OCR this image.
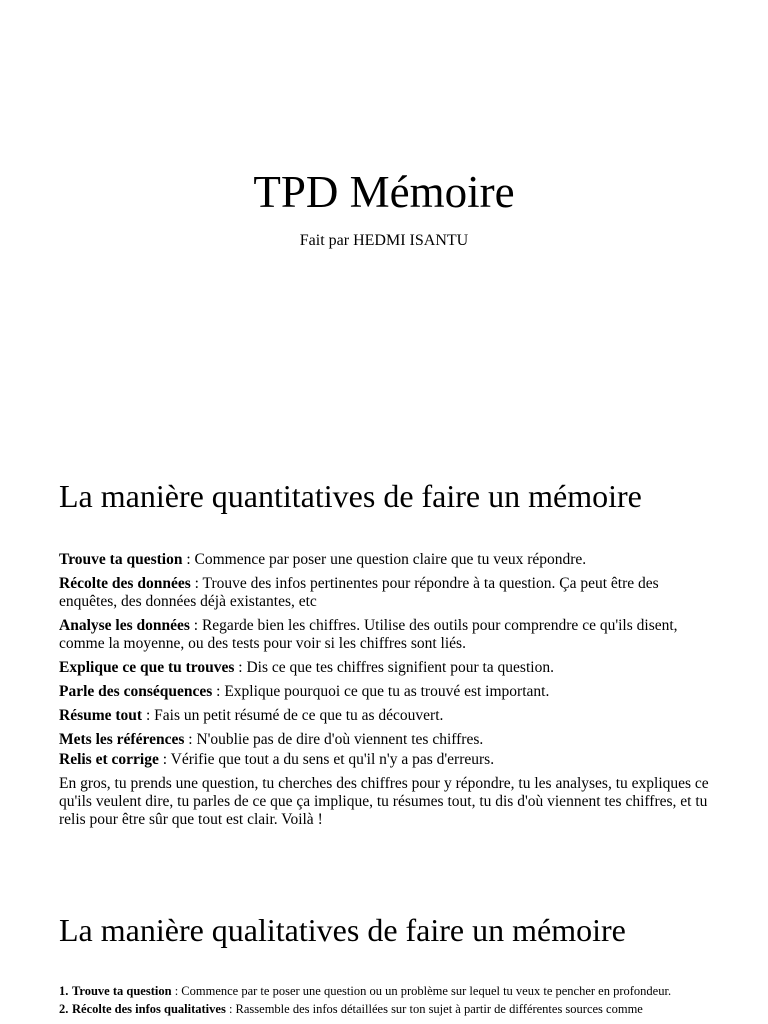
TPD Mémoire

Fait par HEDMI ISANTU

La manière quantitatives de faire un mémoire

Trouve ta question : Commence par poser une question claire que tu veux répondre.

Récolte des données : Trouve des infos pertinentes pour répondre à ta question. Ça peut être des enquêtes, des données déjà existantes, etc

Analyse les données : Regarde bien les chiffres. Utilise des outils pour comprendre ce qu'ils disent, comme la moyenne, ou des tests pour voir si les chiffres sont liés.

Explique ce que tu trouves : Dis ce que tes chiffres signifient pour ta question.

Parle des conséquences : Explique pourquoi ce que tu as trouvé est important.

Résume tout : Fais un petit résumé de ce que tu as découvert.

Mets les références : N'oublie pas de dire d'où viennent tes chiffres.

Relis et corrige : Vérifie que tout a du sens et qu'il n'y a pas d'erreurs.

En gros, tu prends une question, tu cherches des chiffres pour y répondre, tu les analyses, tu expliques ce qu'ils veulent dire, tu parles de ce que ça implique, tu résumes tout, tu dis d'où viennent tes chiffres, et tu relis pour être sûr que tout est clair. Voilà !

La manière qualitatives de faire un mémoire
1. Trouve ta question : Commence par te poser une question ou un problème sur lequel tu veux te pencher en profondeur.
2. Récolte des infos qualitatives : Rassemble des infos détaillées sur ton sujet à partir de différentes sources comme
